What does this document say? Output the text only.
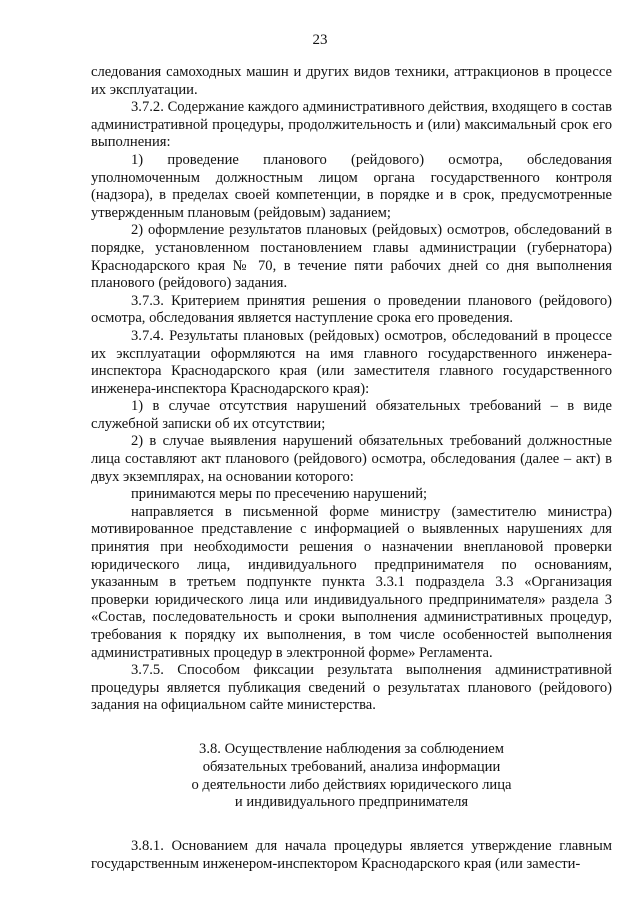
23

следования самоходных машин и других видов техники, аттракционов в процессе их эксплуатации.

3.7.2. Содержание каждого административного действия, входящего в состав административной процедуры, продолжительность и (или) максимальный срок его выполнения:

1) проведение планового (рейдового) осмотра, обследования уполномоченным должностным лицом органа государственного контроля (надзора), в пределах своей компетенции, в порядке и в срок, предусмотренные утвержденным плановым (рейдовым) заданием;

2) оформление результатов плановых (рейдовых) осмотров, обследований в порядке, установленном постановлением главы администрации (губернатора) Краснодарского края № 70, в течение пяти рабочих дней со дня выполнения планового (рейдового) задания.

3.7.3. Критерием принятия решения о проведении планового (рейдового) осмотра, обследования является наступление срока его проведения.

3.7.4. Результаты плановых (рейдовых) осмотров, обследований в процессе их эксплуатации оформляются на имя главного государственного инженера-инспектора Краснодарского края (или заместителя главного государственного инженера-инспектора Краснодарского края):

1) в случае отсутствия нарушений обязательных требований – в виде служебной записки об их отсутствии;

2) в случае выявления нарушений обязательных требований должностные лица составляют акт планового (рейдового) осмотра, обследования (далее – акт) в двух экземплярах, на основании которого:

принимаются меры по пресечению нарушений;

направляется в письменной форме министру (заместителю министра) мотивированное представление с информацией о выявленных нарушениях для принятия при необходимости решения о назначении внеплановой проверки юридического лица, индивидуального предпринимателя по основаниям, указанным в третьем подпункте пункта 3.3.1 подраздела 3.3 «Организация проверки юридического лица или индивидуального предпринимателя» раздела 3 «Состав, последовательность и сроки выполнения административных процедур, требования к порядку их выполнения, в том числе особенностей выполнения административных процедур в электронной форме» Регламента.

3.7.5. Способом фиксации результата выполнения административной процедуры является публикация сведений о результатах планового (рейдового) задания на официальном сайте министерства.

3.8. Осуществление наблюдения за соблюдением
обязательных требований, анализа информации
о деятельности либо действиях юридического лица
и индивидуального предпринимателя

3.8.1. Основанием для начала процедуры является утверждение главным государственным инженером-инспектором Краснодарского края (или замести-
